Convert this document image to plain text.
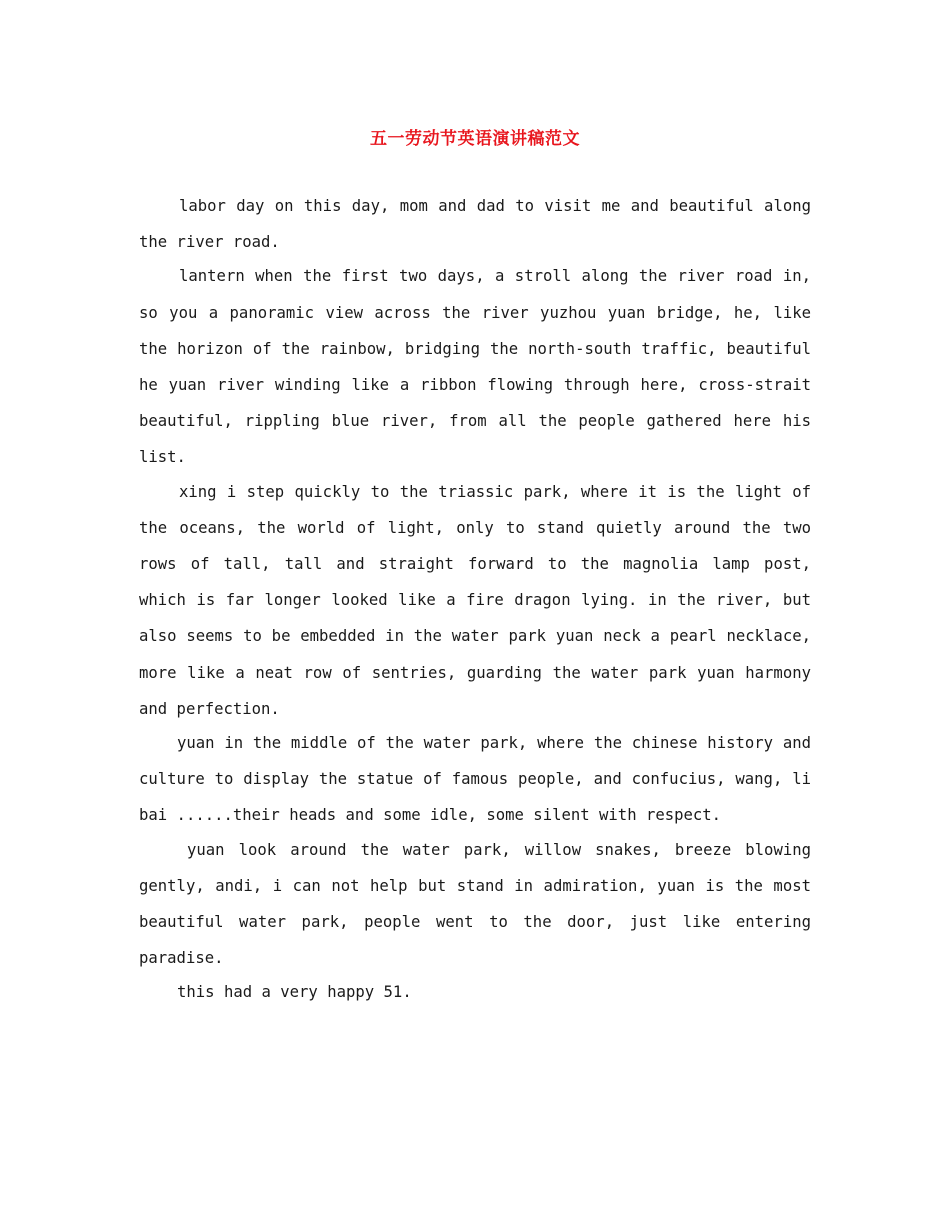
五一劳动节英语演讲稿范文

labor day on this day, mom and dad to visit me and beautiful along the river road.

lantern when the first two days, a stroll along the river road in, so you a panoramic view across the river yuzhou yuan bridge, he, like the horizon of the rainbow, bridging the north-south traffic, beautiful he yuan river winding like a ribbon flowing through here, cross-strait beautiful, rippling blue river, from all the people gathered here his list.

xing i step quickly to the triassic park, where it is the light of the oceans, the world of light, only to stand quietly around the two rows of tall, tall and straight forward to the magnolia lamp post, which is far longer looked like a fire dragon lying. in the river, but also seems to be embedded in the water park yuan neck a pearl necklace, more like a neat row of sentries, guarding the water park yuan harmony and perfection.

yuan in the middle of the water park, where the chinese history and culture to display the statue of famous people, and confucius, wang, li bai ......their heads and some idle, some silent with respect.

yuan look around the water park, willow snakes, breeze blowing gently, andi, i can not help but stand in admiration, yuan is the most beautiful water park, people went to the door, just like entering paradise.

this had a very happy 51.
